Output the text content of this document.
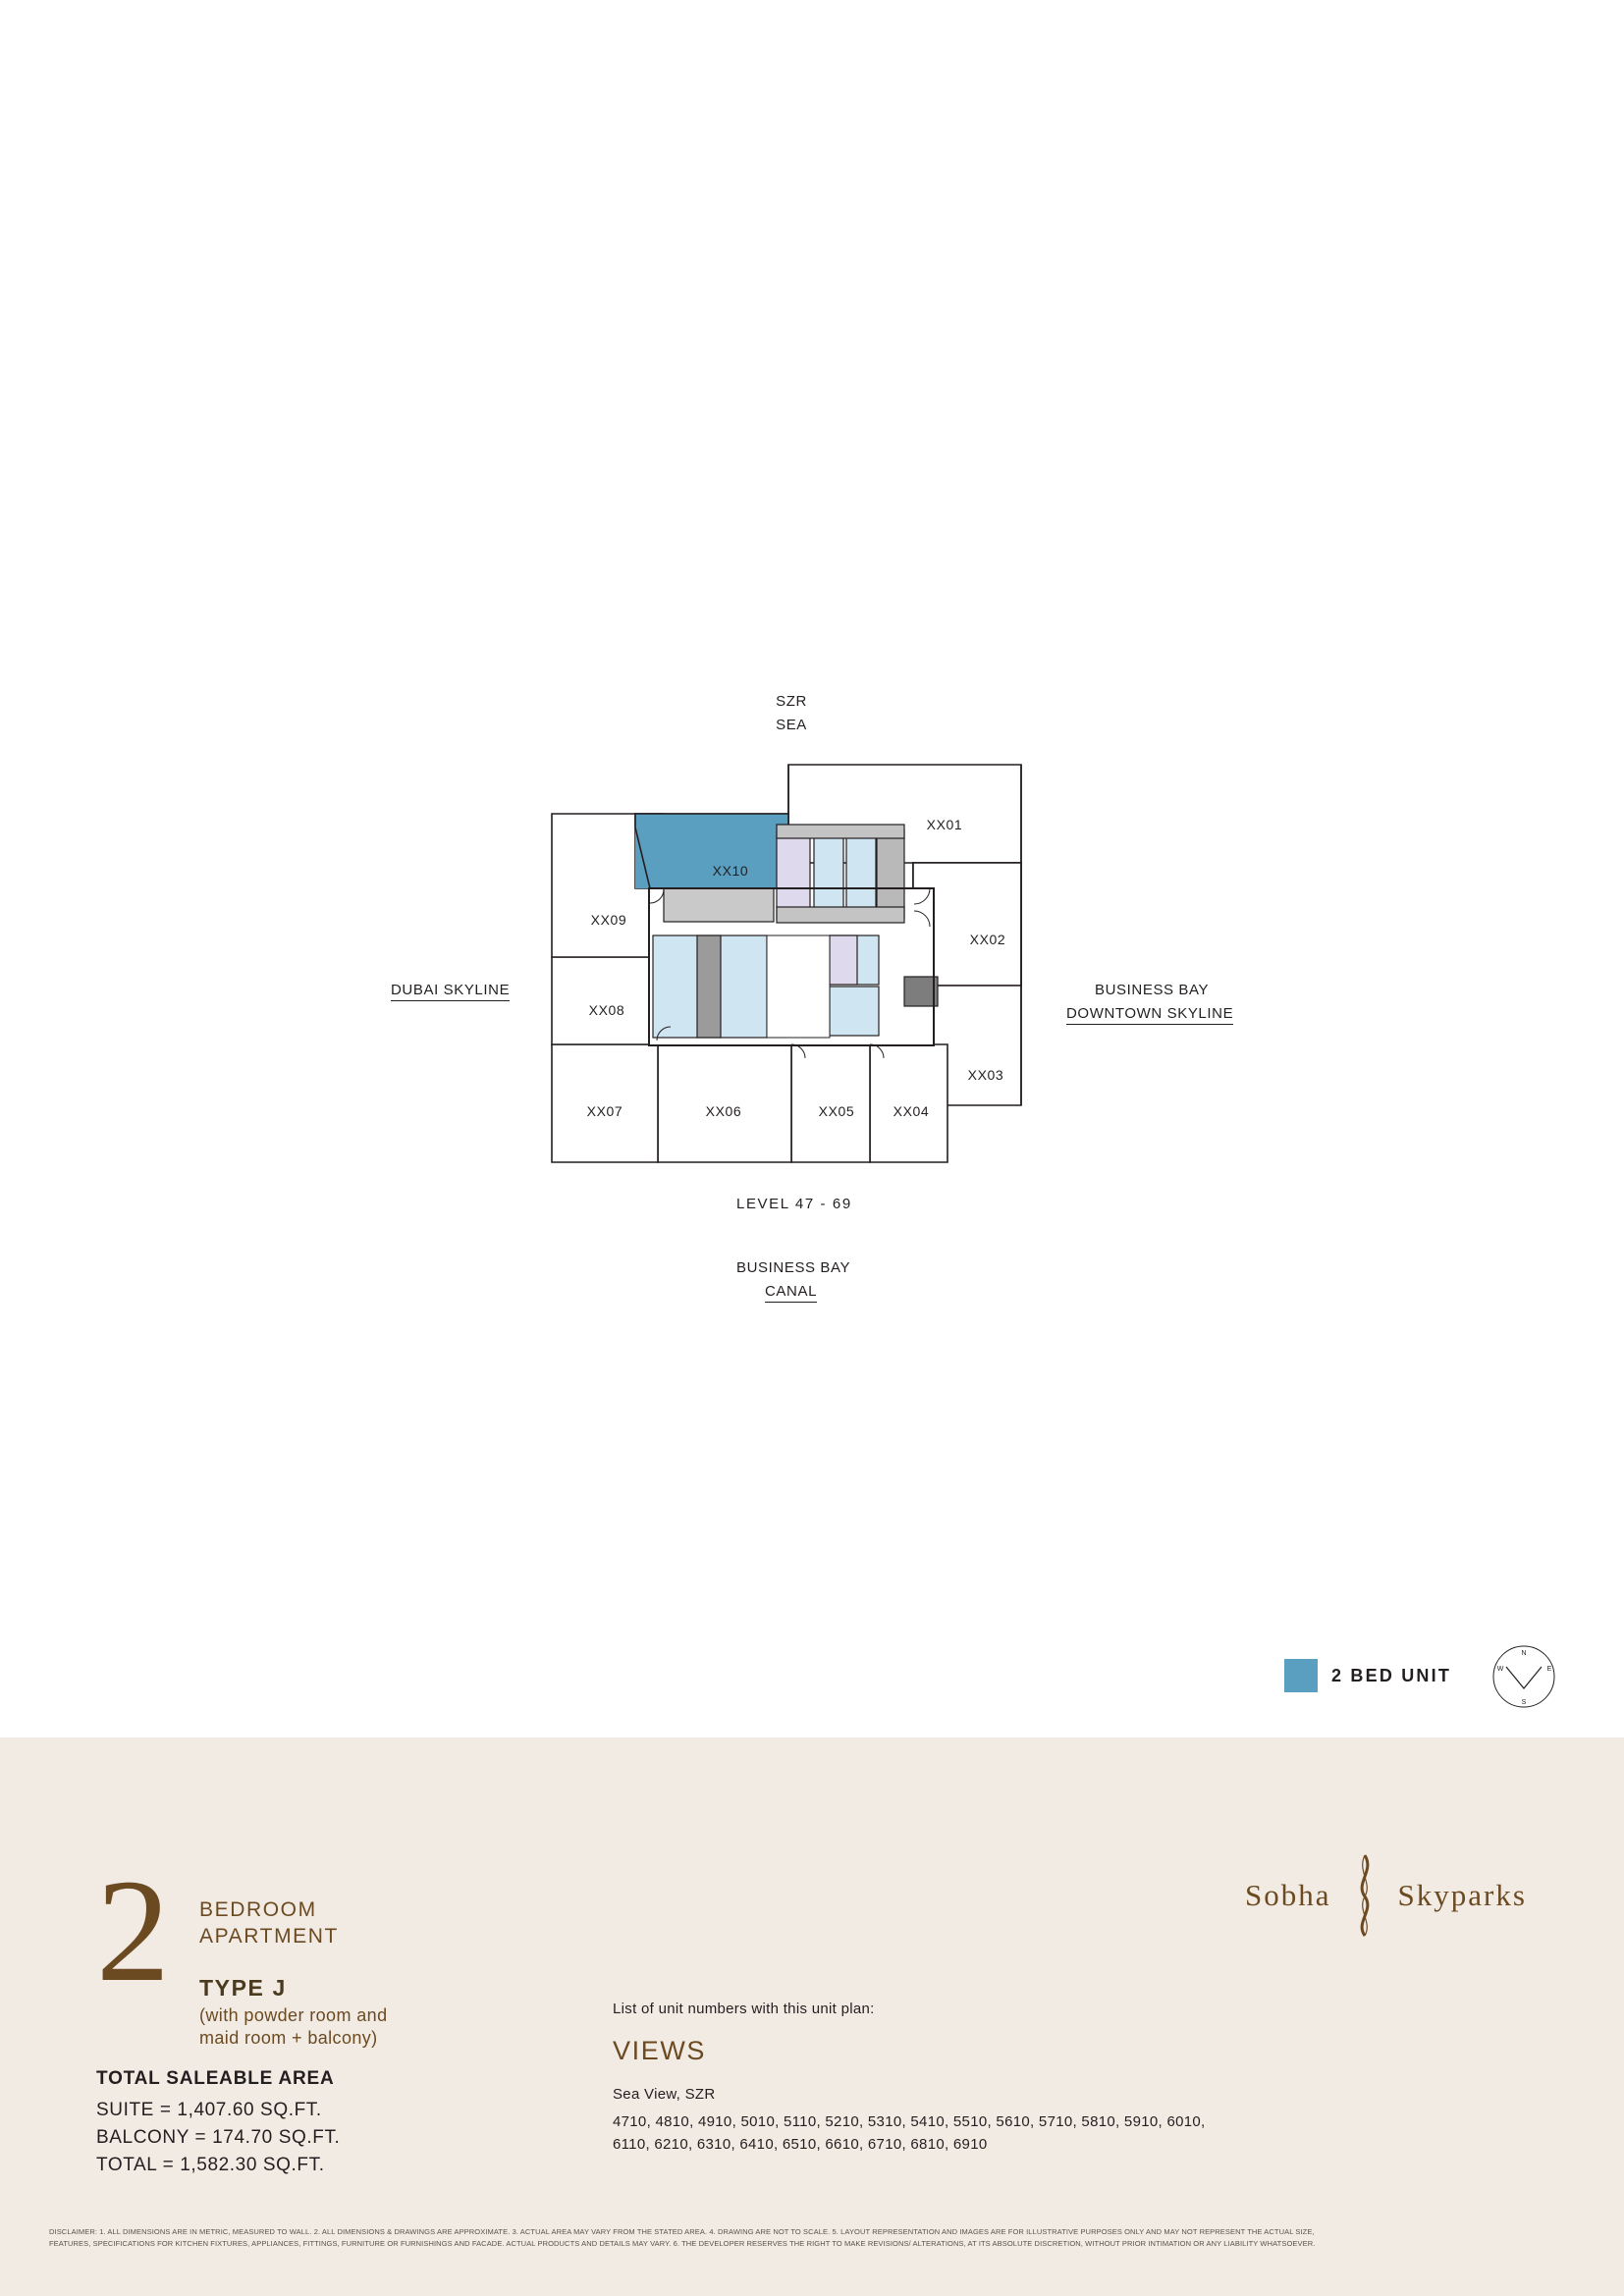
SZR
SEA
DUBAI SKYLINE	BUSINESS BAY
DOWNTOWN SKYLINE
LEVEL 47 - 69
BUSINESS BAY
CANAL
XX01
XX02
XX03
XX04
XX05
XX06
XX07
XX08
XX09
XX10
2 BED UNIT
N
S
E
W
2 BEDROOM
APARTMENT
TYPE J
(with powder room and
maid room + balcony)
TOTAL SALEABLE AREA
SUITE = 1,407.60 SQ.FT.
BALCONY = 174.70 SQ.FT.
TOTAL = 1,582.30 SQ.FT.
List of unit numbers with this unit plan:
VIEWS
Sea View, SZR
4710, 4810, 4910, 5010, 5110, 5210, 5310, 5410, 5510, 5610, 5710, 5810, 5910, 6010,
6110, 6210, 6310, 6410, 6510, 6610, 6710, 6810, 6910
Sobha Skyparks
DISCLAIMER: 1. ALL DIMENSIONS ARE IN METRIC, MEASURED TO WALL. 2. ALL DIMENSIONS & DRAWINGS ARE APPROXIMATE. 3. ACTUAL AREA MAY VARY FROM THE STATED AREA. 4. DRAWING ARE NOT TO SCALE. 5. LAYOUT REPRESENTATION AND IMAGES ARE FOR ILLUSTRATIVE PURPOSES ONLY AND MAY NOT REPRESENT THE ACTUAL SIZE,
FEATURES, SPECIFICATIONS FOR KITCHEN FIXTURES, APPLIANCES, FITTINGS, FURNITURE OR FURNISHINGS AND FACADE. ACTUAL PRODUCTS AND DETAILS MAY VARY. 6. THE DEVELOPER RESERVES THE RIGHT TO MAKE REVISIONS/ ALTERATIONS, AT ITS ABSOLUTE DISCRETION, WITHOUT PRIOR INTIMATION OR ANY LIABILITY WHATSOEVER.
